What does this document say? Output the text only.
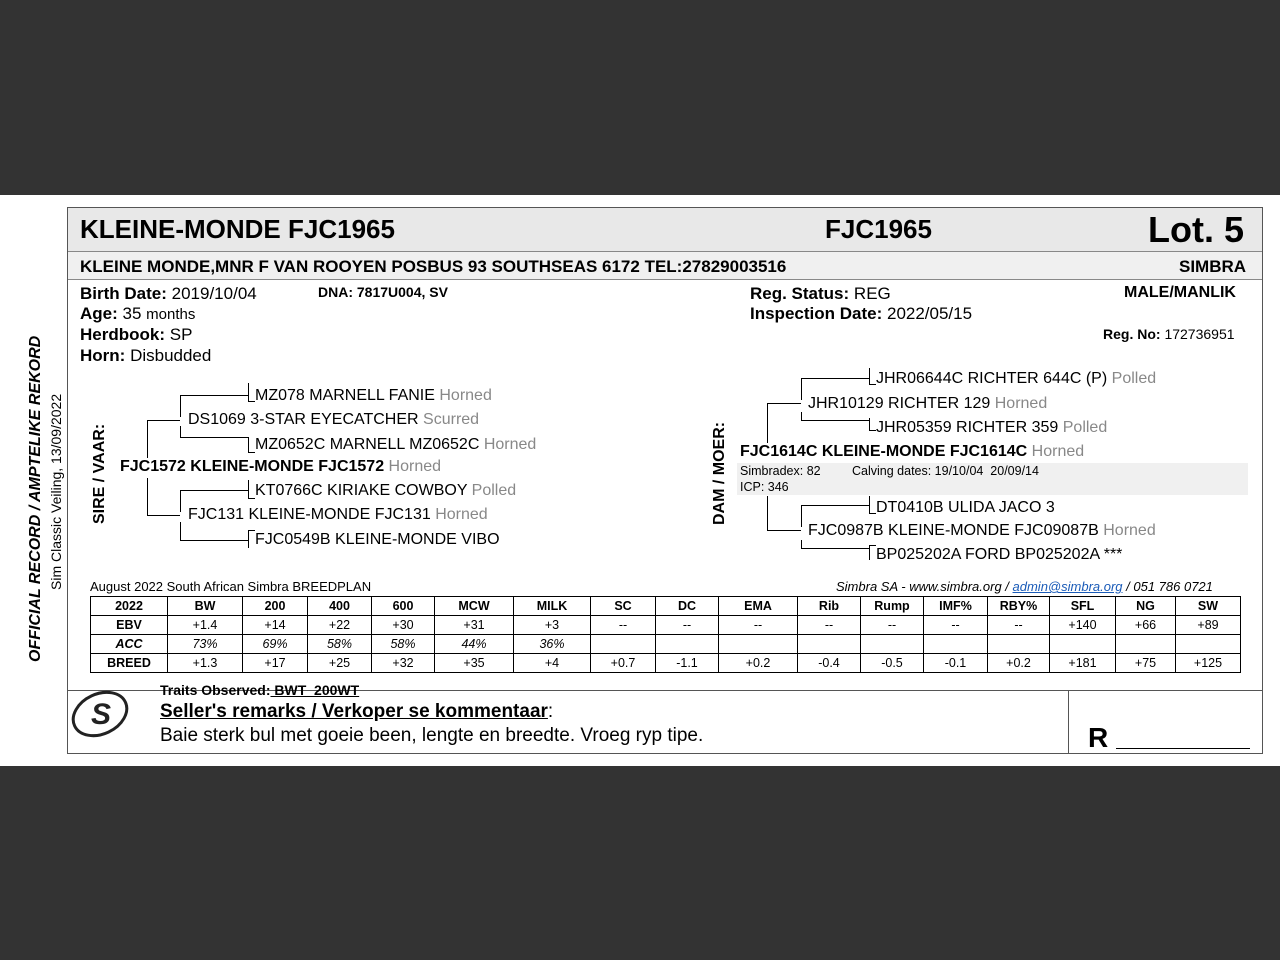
KLEINE-MONDE FJC1965	FJC1965	Lot. 5
KLEINE MONDE,MNR F VAN ROOYEN POSBUS 93 SOUTHSEAS 6172 TEL:27829003516	SIMBRA
Birth Date: 2019/10/04	DNA: 7817U004, SV
Age: 35 months
Herdbook: SP
Horn: Disbudded
Reg. Status: REG
Inspection Date: 2022/05/15
MALE/MANLIK
Reg. No: 172736951
OFFICIAL RECORD / AMPTELIKE REKORD Sim Classic Veiling, 13/09/2022 SIRE / VAAR:
MZ078 MARNELL FANIE Horned
DS1069 3-STAR EYECATCHER Scurred
MZ0652C MARNELL MZ0652C Horned
FJC1572 KLEINE-MONDE FJC1572 Horned
KT0766C KIRIAKE COWBOY Polled
FJC131 KLEINE-MONDE FJC131 Horned
FJC0549B KLEINE-MONDE VIBO
DAM / MOER:
JHR06644C RICHTER 644C (P) Polled
JHR10129 RICHTER 129 Horned
JHR05359 RICHTER 359 Polled
FJC1614C KLEINE-MONDE FJC1614C Horned
Simbradex: 82	Calving dates: 19/10/04  20/09/14
ICP: 346
DT0410B ULIDA JACO 3
FJC0987B KLEINE-MONDE FJC09087B Horned
BP025202A FORD BP025202A ***
August 2022 South African Simbra BREEDPLAN	Simbra SA - www.simbra.org / admin@simbra.org / 051 786 0721
2022	BW	200	400	600	MCW	MILK	SC	DC	EMA	Rib	Rump	IMF%	RBY%	SFL	NG	SW
EBV	+1.4	+14	+22	+30	+31	+3	--	--	--	--	--	--	--	+140	+66	+89
ACC	73%	69%	58%	58%	44%	36%										
BREED	+1.3	+17	+25	+32	+35	+4	+0.7	-1.1	+0.2	-0.4	-0.5	-0.1	+0.2	+181	+75	+125
S
Traits Observed: BWT  200WT
Seller's remarks / Verkoper se kommentaar:
Baie sterk bul met goeie been, lengte en breedte. Vroeg ryp tipe.	R
